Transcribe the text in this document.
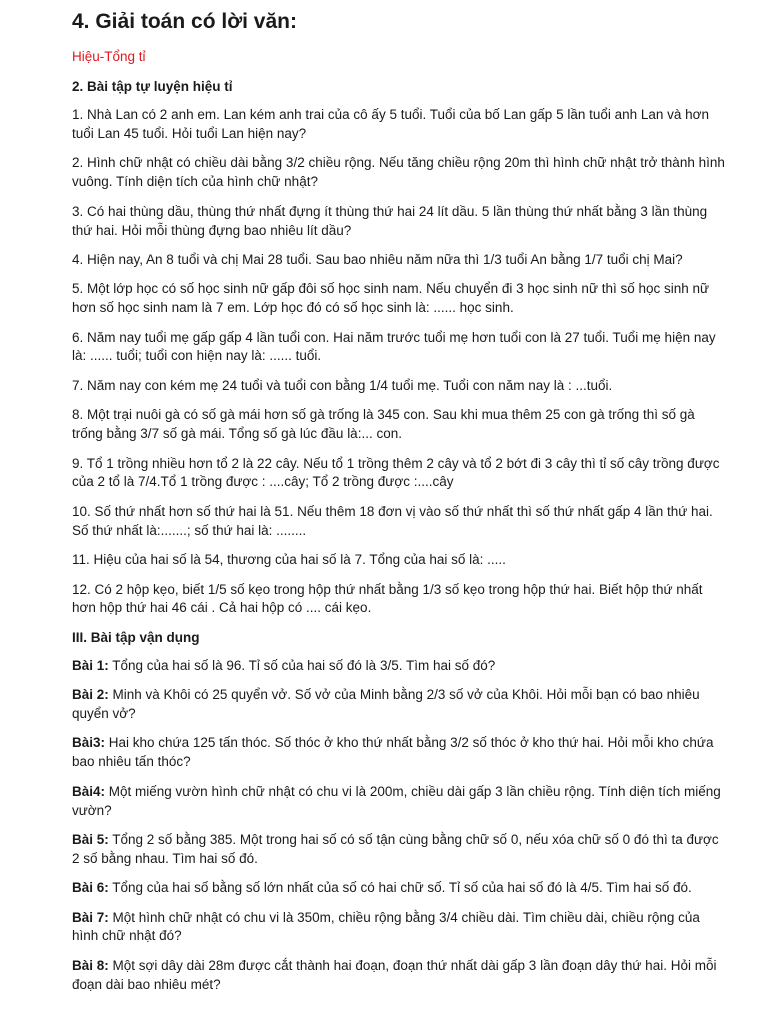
4. Giải toán có lời văn:
Hiệu-Tổng tỉ
2. Bài tập tự luyện hiệu tỉ

1. Nhà Lan có 2 anh em. Lan kém anh trai của cô ấy 5 tuổi. Tuổi của bố Lan gấp 5 lần tuổi anh Lan và hơn tuổi Lan 45 tuổi. Hỏi tuổi Lan hiện nay?

2. Hình chữ nhật có chiều dài bằng 3/2 chiều rộng. Nếu tăng chiều rộng 20m thì hình chữ nhật trở thành hình vuông. Tính diện tích của hình chữ nhật?

3. Có hai thùng dầu, thùng thứ nhất đựng ít thùng thứ hai 24 lít dầu. 5 lần thùng thứ nhất bằng 3 lần thùng thứ hai. Hỏi mỗi thùng đựng bao nhiêu lít dầu?

4. Hiện nay, An 8 tuổi và chị Mai 28 tuổi. Sau bao nhiêu năm nữa thì 1/3 tuổi An bằng 1/7 tuổi chị Mai?

5. Một lớp học có số học sinh nữ gấp đôi số học sinh nam. Nếu chuyển đi 3 học sinh nữ thì số học sinh nữ hơn số học sinh nam là 7 em. Lớp học đó có số học sinh là: ...... học sinh.

6. Năm nay tuổi mẹ gấp gấp 4 lần tuổi con. Hai năm trước tuổi mẹ hơn tuổi con là 27 tuổi. Tuổi mẹ hiện nay là: ...... tuổi; tuổi con hiện nay là: ...... tuổi.

7. Năm nay con kém mẹ 24 tuổi và tuổi con bằng 1/4 tuổi mẹ. Tuổi con năm nay là : ...tuổi.

8. Một trại nuôi gà có số gà mái hơn số gà trống là 345 con. Sau khi mua thêm 25 con gà trống thì số gà trống bằng 3/7 số gà mái. Tổng số gà lúc đầu là:... con.

9. Tổ 1 trồng nhiều hơn tổ 2 là 22 cây. Nếu tổ 1 trồng thêm 2 cây và tổ 2 bớt đi 3 cây thì tỉ số cây trồng được của 2 tổ là 7/4.Tổ 1 trồng được : ....cây; Tổ 2 trồng được :....cây

10. Số thứ nhất hơn số thứ hai là 51. Nếu thêm 18 đơn vị vào số thứ nhất thì số thứ nhất gấp 4 lần thứ hai. Số thứ nhất là:.......; số thứ hai là: ........

11. Hiệu của hai số là 54, thương của hai số là 7. Tổng của hai số là: .....

12. Có 2 hộp kẹo, biết 1/5 số kẹo trong hộp thứ nhất bằng 1/3 số kẹo trong hộp thứ hai. Biết hộp thứ nhất hơn hộp thứ hai 46 cái . Cả hai hộp có .... cái kẹo.

III. Bài tập vận dụng

Bài 1: Tổng của hai số là 96. Tỉ số của hai số đó là 3/5. Tìm hai số đó?

Bài 2: Minh và Khôi có 25 quyển vở. Số vở của Minh bằng 2/3 số vở của Khôi. Hỏi mỗi bạn có bao nhiêu quyển vở?

Bài3: Hai kho chứa 125 tấn thóc. Số thóc ở kho thứ nhất bằng 3/2 số thóc ở kho thứ hai. Hỏi mỗi kho chứa bao nhiêu tấn thóc?

Bài4: Một miếng vườn hình chữ nhật có chu vi là 200m, chiều dài gấp 3 lần chiều rộng. Tính diện tích miếng vườn?

Bài 5: Tổng 2 số bằng 385. Một trong hai số có số tận cùng bằng chữ số 0, nếu xóa chữ số 0 đó thì ta được 2 số bằng nhau. Tìm hai số đó.

Bài 6: Tổng của hai số bằng số lớn nhất của số có hai chữ số. Tỉ số của hai số đó là 4/5. Tìm hai số đó.

Bài 7: Một hình chữ nhật có chu vi là 350m, chiều rộng bằng 3/4 chiều dài. Tìm chiều dài, chiều rộng của hình chữ nhật đó?

Bài 8: Một sợi dây dài 28m được cắt thành hai đoạn, đoạn thứ nhất dài gấp 3 lần đoạn dây thứ hai. Hỏi mỗi đoạn dài bao nhiêu mét?
